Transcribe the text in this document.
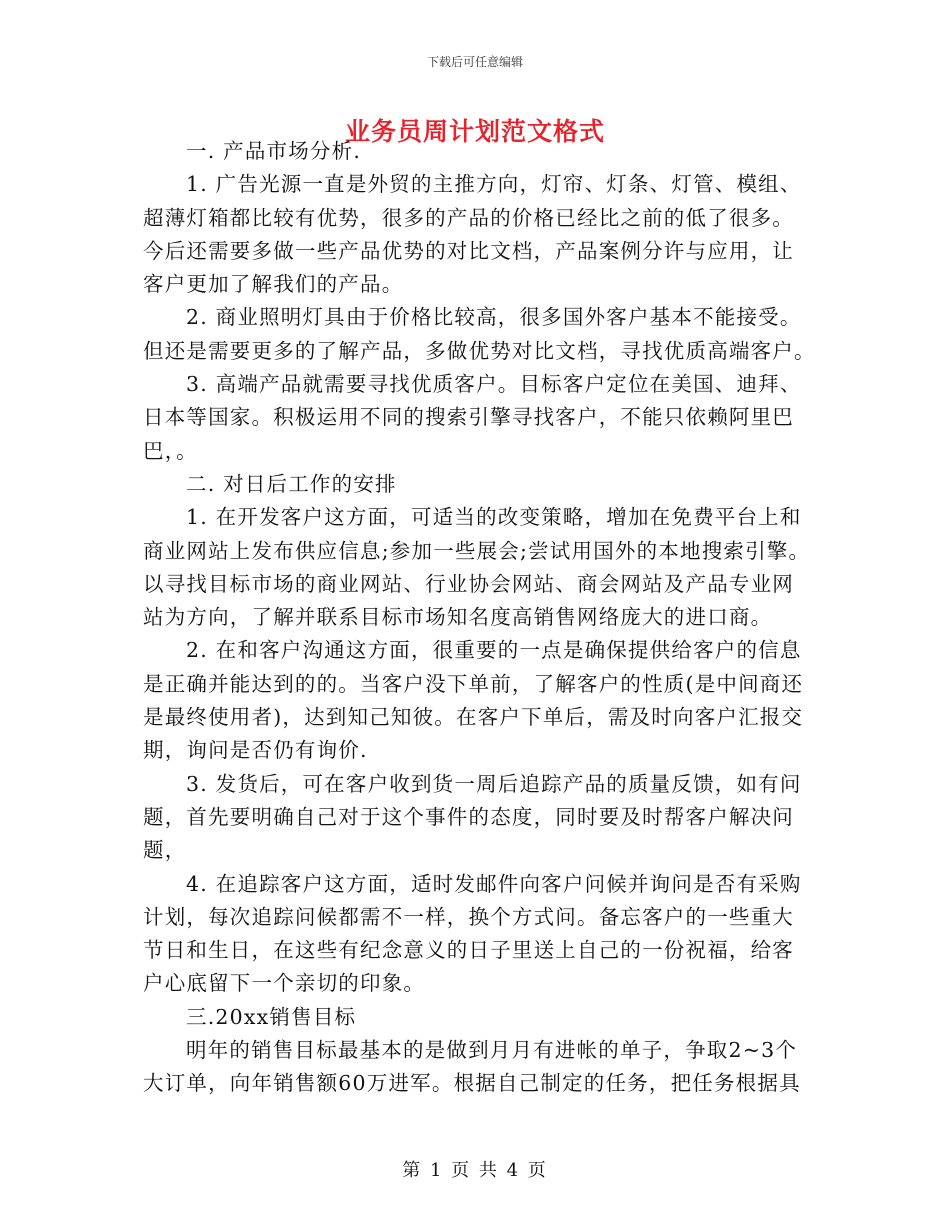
下载后可任意编辑
业务员周计划范文格式
一. 产品市场分析.
1. 广告光源一直是外贸的主推方向，灯帘、灯条、灯管、模组、
超薄灯箱都比较有优势，很多的产品的价格已经比之前的低了很多。
今后还需要多做一些产品优势的对比文档，产品案例分许与应用，让
客户更加了解我们的产品。
2. 商业照明灯具由于价格比较高，很多国外客户基本不能接受。
但还是需要更多的了解产品，多做优势对比文档，寻找优质高端客户。
3. 高端产品就需要寻找优质客户。目标客户定位在美国、迪拜、
日本等国家。积极运用不同的搜索引擎寻找客户，不能只依赖阿里巴
巴，。
二. 对日后工作的安排
1. 在开发客户这方面，可适当的改变策略，增加在免费平台上和
商业网站上发布供应信息;参加一些展会;尝试用国外的本地搜索引擎。
以寻找目标市场的商业网站、行业协会网站、商会网站及产品专业网
站为方向，了解并联系目标市场知名度高销售网络庞大的进口商。
2. 在和客户沟通这方面，很重要的一点是确保提供给客户的信息
是正确并能达到的的。当客户没下单前，了解客户的性质(是中间商还
是最终使用者)，达到知己知彼。在客户下单后，需及时向客户汇报交
期，询问是否仍有询价.
3. 发货后，可在客户收到货一周后追踪产品的质量反馈，如有问
题，首先要明确自己对于这个事件的态度，同时要及时帮客户解决问
题，
4. 在追踪客户这方面，适时发邮件向客户问候并询问是否有采购
计划，每次追踪问候都需不一样，换个方式问。备忘客户的一些重大
节日和生日，在这些有纪念意义的日子里送上自己的一份祝福，给客
户心底留下一个亲切的印象。
三.20xx销售目标
明年的销售目标最基本的是做到月月有进帐的单子，争取2~3个
大订单，向年销售额60万进军。根据自己制定的任务，把任务根据具
第 1 页 共 4 页
